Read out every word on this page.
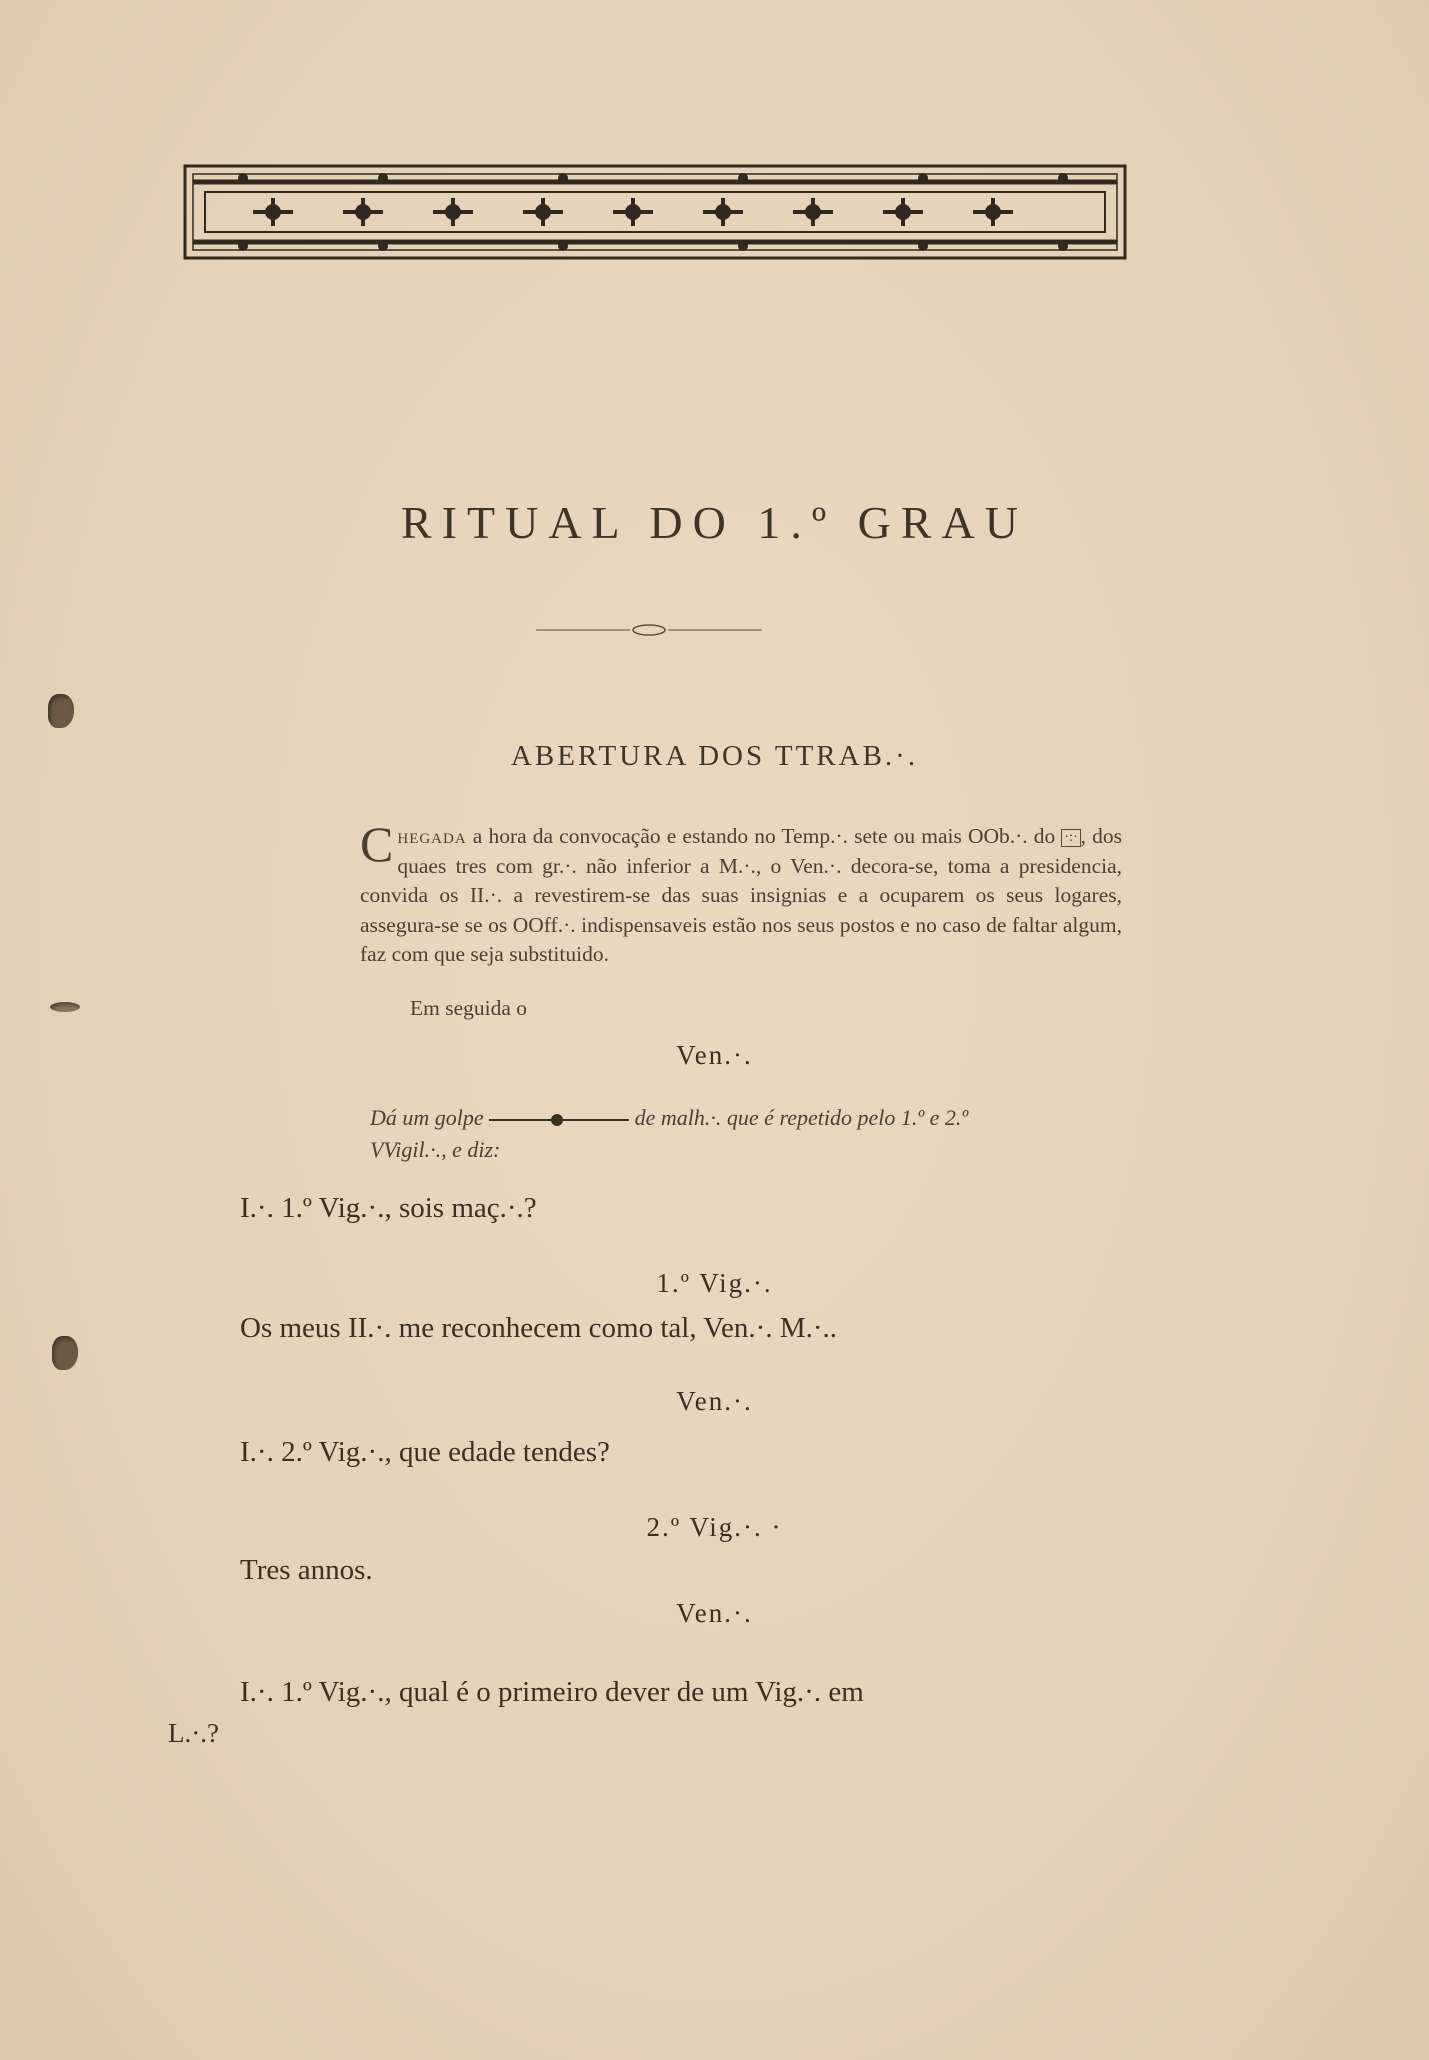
RITUAL DO 1.º GRAU
ABERTURA DOS TTRAB.·.
Chegada a hora da convocação e estando no Temp.·. sete ou mais OOb.·. do ·:· , dos quaes tres com gr.·. não inferior a M.·., o Ven.·. decora-se, toma a presidencia, convida os II.·. a revestirem-se das suas insignias e a ocuparem os seus logares, assegura-se se os OOff.·. indispensaveis estão nos seus postos e no caso de faltar algum, faz com que seja substituido.
Em seguida o
Ven.·.
Dá um golpe	de malh.·. que é repetido pelo 1.º e 2.º
VVigil.·., e diz:
I.·. 1.º Vig.·., sois maç.·.?
1.º Vig.·.
Os meus II.·. me reconhecem como tal, Ven.·. M.·..
Ven.·.
I.·. 2.º Vig.·., que edade tendes?
2.º Vig.·. ·
Tres annos.
Ven.·.
I.·. 1.º Vig.·., qual é o primeiro dever de um Vig.·. em
L.·.?
